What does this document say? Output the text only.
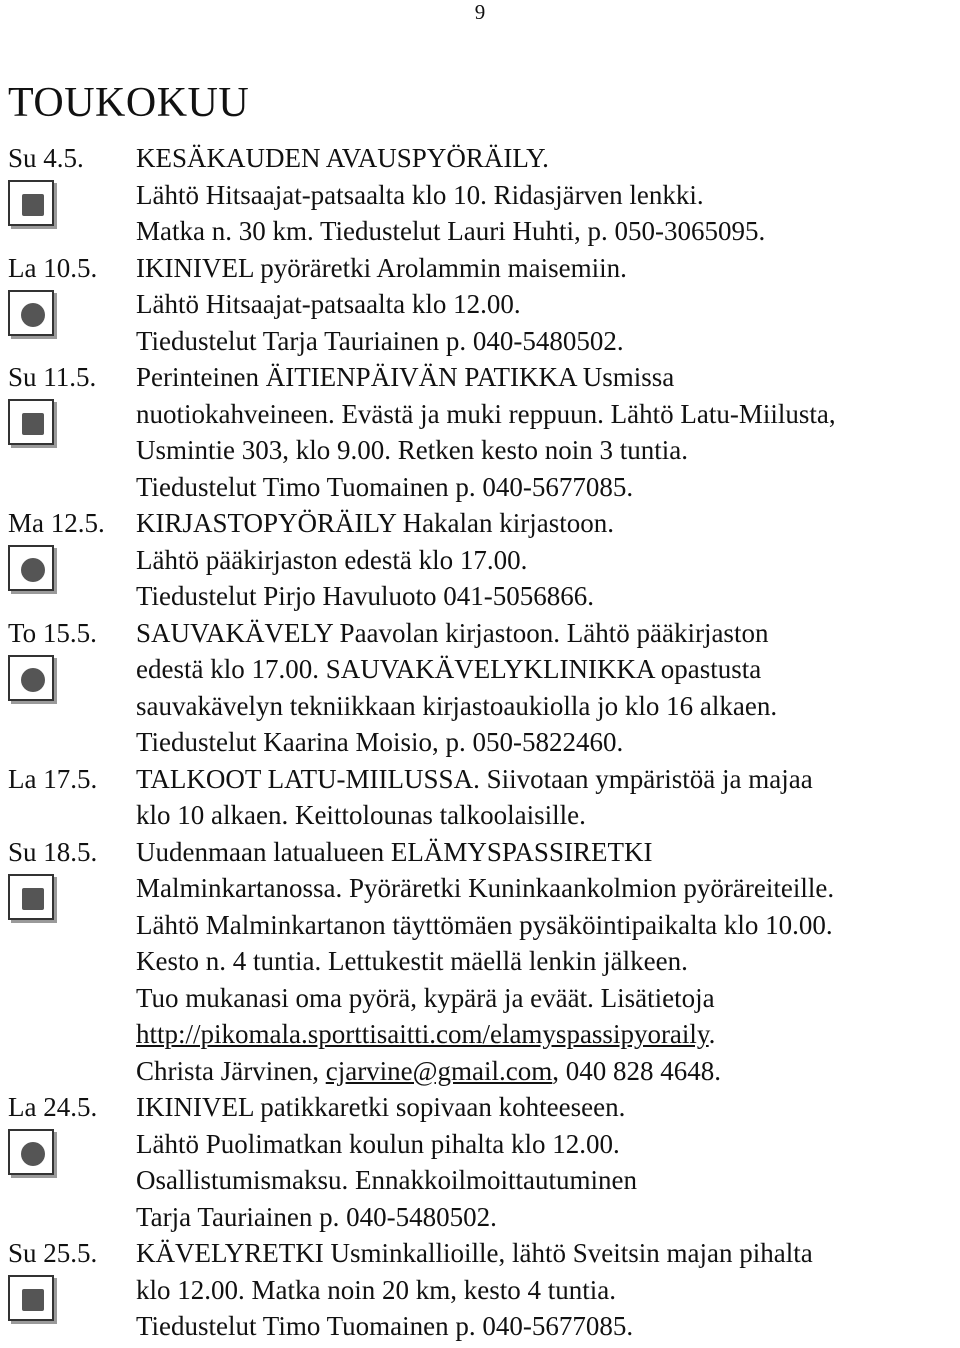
9
TOUKOKUU
Su 4.5. KESÄKAUDEN AVAUSPYÖRÄILY.
Lähtö Hitsaajat-patsaalta klo 10. Ridasjärven lenkki.
Matka n. 30 km. Tiedustelut Lauri Huhti, p. 050-3065095.
La 10.5. IKINIVEL pyöräretki Arolammin maisemiin.
Lähtö Hitsaajat-patsaalta klo 12.00.
Tiedustelut Tarja Tauriainen p. 040-5480502.
Su 11.5. Perinteinen ÄITIENPÄIVÄN PATIKKA Usmissa
nuotiokahveineen. Evästä ja muki reppuun. Lähtö Latu-Miilusta,
Usmintie 303, klo 9.00. Retken kesto noin 3 tuntia.
Tiedustelut Timo Tuomainen p. 040-5677085.
Ma 12.5. KIRJASTOPYÖRÄILY Hakalan kirjastoon.
Lähtö pääkirjaston edestä klo 17.00.
Tiedustelut Pirjo Havuluoto 041-5056866.
To 15.5. SAUVAKÄVELY Paavolan kirjastoon. Lähtö pääkirjaston
edestä klo 17.00. SAUVAKÄVELYKLINIKKA opastusta
sauvakävelyn tekniikkaan kirjastoaukiolla jo klo 16 alkaen.
Tiedustelut Kaarina Moisio, p. 050-5822460.
La 17.5. TALKOOT LATU-MIILUSSA. Siivotaan ympäristöä ja majaa
klo 10 alkaen. Keittolounas talkoolaisille.
Su 18.5. Uudenmaan latualueen ELÄMYSPASSIRETKI
Malminkartanossa. Pyöräretki Kuninkaankolmion pyöräreiteille.
Lähtö Malminkartanon täyttömäen pysäköintipaikalta klo 10.00.
Kesto n. 4 tuntia. Lettukestit mäellä lenkin jälkeen.
Tuo mukanasi oma pyörä, kypärä ja eväät. Lisätietoja
http://pikomala.sporttisaitti.com/elamyspassipyoraily.
Christa Järvinen, cjarvine@gmail.com, 040 828 4648.
La 24.5. IKINIVEL patikkaretki sopivaan kohteeseen.
Lähtö Puolimatkan koulun pihalta klo 12.00.
Osallistumismaksu. Ennakkoilmoittautuminen
Tarja Tauriainen p. 040-5480502.
Su 25.5. KÄVELYRETKI Usminkallioille, lähtö Sveitsin majan pihalta
klo 12.00. Matka noin 20 km, kesto 4 tuntia.
Tiedustelut Timo Tuomainen p. 040-5677085.
